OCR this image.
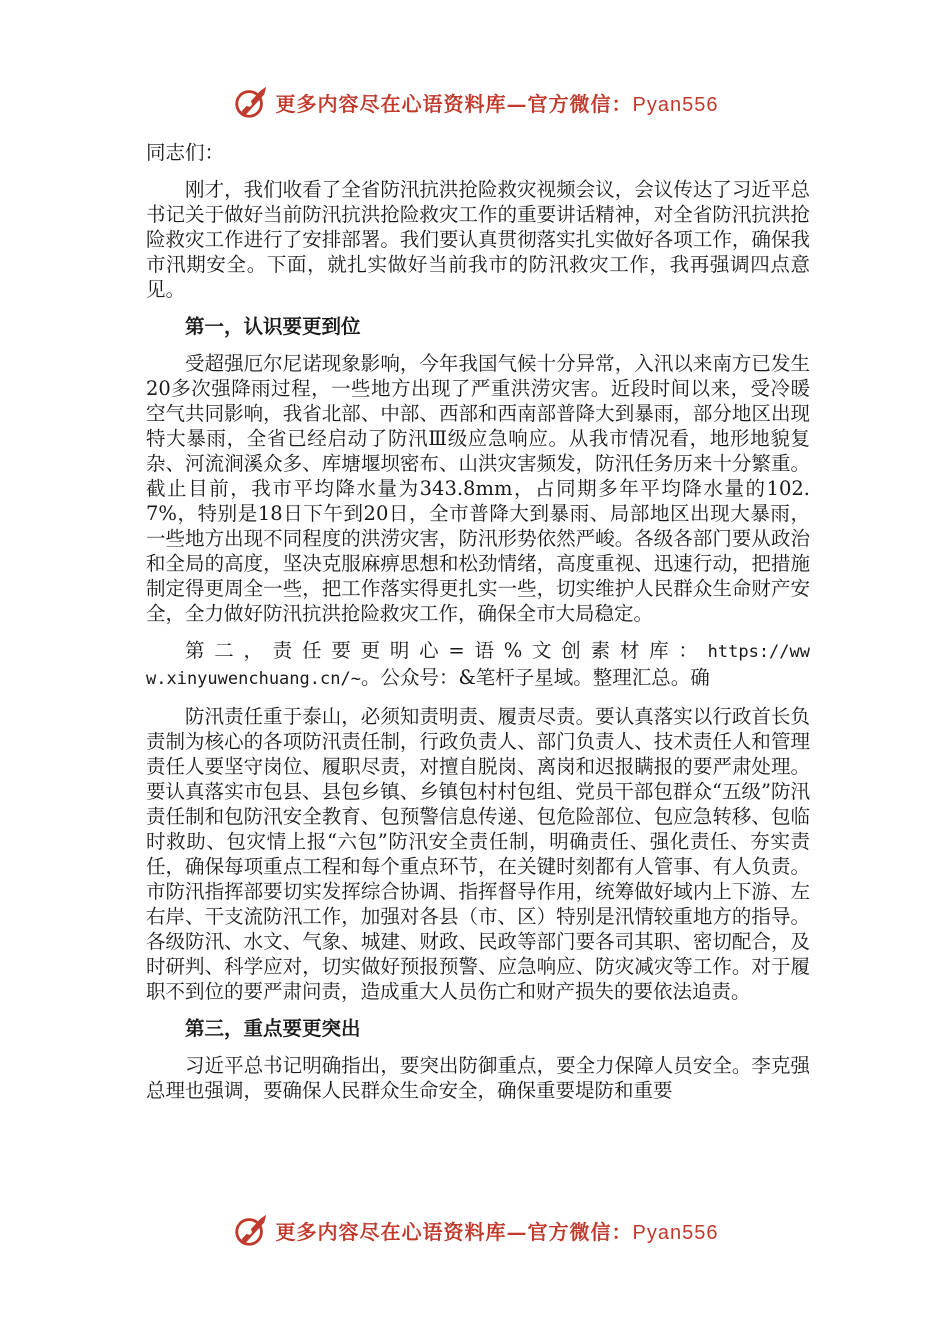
更多内容尽在心语资料库—官方微信：Pyan556

同志们：

刚才，我们收看了全省防汛抗洪抢险救灾视频会议，会议传达了习近平总书记关于做好当前防汛抗洪抢险救灾工作的重要讲话精神，对全省防汛抗洪抢险救灾工作进行了安排部署。我们要认真贯彻落实扎实做好各项工作，确保我市汛期安全。下面，就扎实做好当前我市的防汛救灾工作，我再强调四点意见。

第一，认识要更到位

受超强厄尔尼诺现象影响，今年我国气候十分异常，入汛以来南方已发生20多次强降雨过程，一些地方出现了严重洪涝灾害。近段时间以来，受冷暖空气共同影响，我省北部、中部、西部和西南部普降大到暴雨，部分地区出现特大暴雨，全省已经启动了防汛Ⅲ级应急响应。从我市情况看，地形地貌复杂、河流涧溪众多、库塘堰坝密布、山洪灾害频发，防汛任务历来十分繁重。截止目前，我市平均降水量为343.8mm，占同期多年平均降水量的102.7%，特别是18日下午到20日，全市普降大到暴雨、局部地区出现大暴雨，一些地方出现不同程度的洪涝灾害，防汛形势依然严峻。各级各部门要从政治和全局的高度，坚决克服麻痹思想和松劲情绪，高度重视、迅速行动，把措施制定得更周全一些，把工作落实得更扎实一些，切实维护人民群众生命财产安全，全力做好防汛抗洪抢险救灾工作，确保全市大局稳定。

第二，责任要更明心=语%文创素材库：https://www.xinyuwenchuang.cn/~。公众号：&笔杆子星域。整理汇总。确

防汛责任重于泰山，必须知责明责、履责尽责。要认真落实以行政首长负责制为核心的各项防汛责任制，行政负责人、部门负责人、技术责任人和管理责任人要坚守岗位、履职尽责，对擅自脱岗、离岗和迟报瞒报的要严肃处理。要认真落实市包县、县包乡镇、乡镇包村村包组、党员干部包群众“五级”防汛责任制和包防汛安全教育、包预警信息传递、包危险部位、包应急转移、包临时救助、包灾情上报“六包”防汛安全责任制，明确责任、强化责任、夯实责任，确保每项重点工程和每个重点环节，在关键时刻都有人管事、有人负责。市防汛指挥部要切实发挥综合协调、指挥督导作用，统筹做好域内上下游、左右岸、干支流防汛工作，加强对各县（市、区）特别是汛情较重地方的指导。各级防汛、水文、气象、城建、财政、民政等部门要各司其职、密切配合，及时研判、科学应对，切实做好预报预警、应急响应、防灾减灾等工作。对于履职不到位的要严肃问责，造成重大人员伤亡和财产损失的要依法追责。

第三，重点要更突出

习近平总书记明确指出，要突出防御重点，要全力保障人员安全。李克强总理也强调，要确保人民群众生命安全，确保重要堤防和重要

更多内容尽在心语资料库—官方微信：Pyan556
